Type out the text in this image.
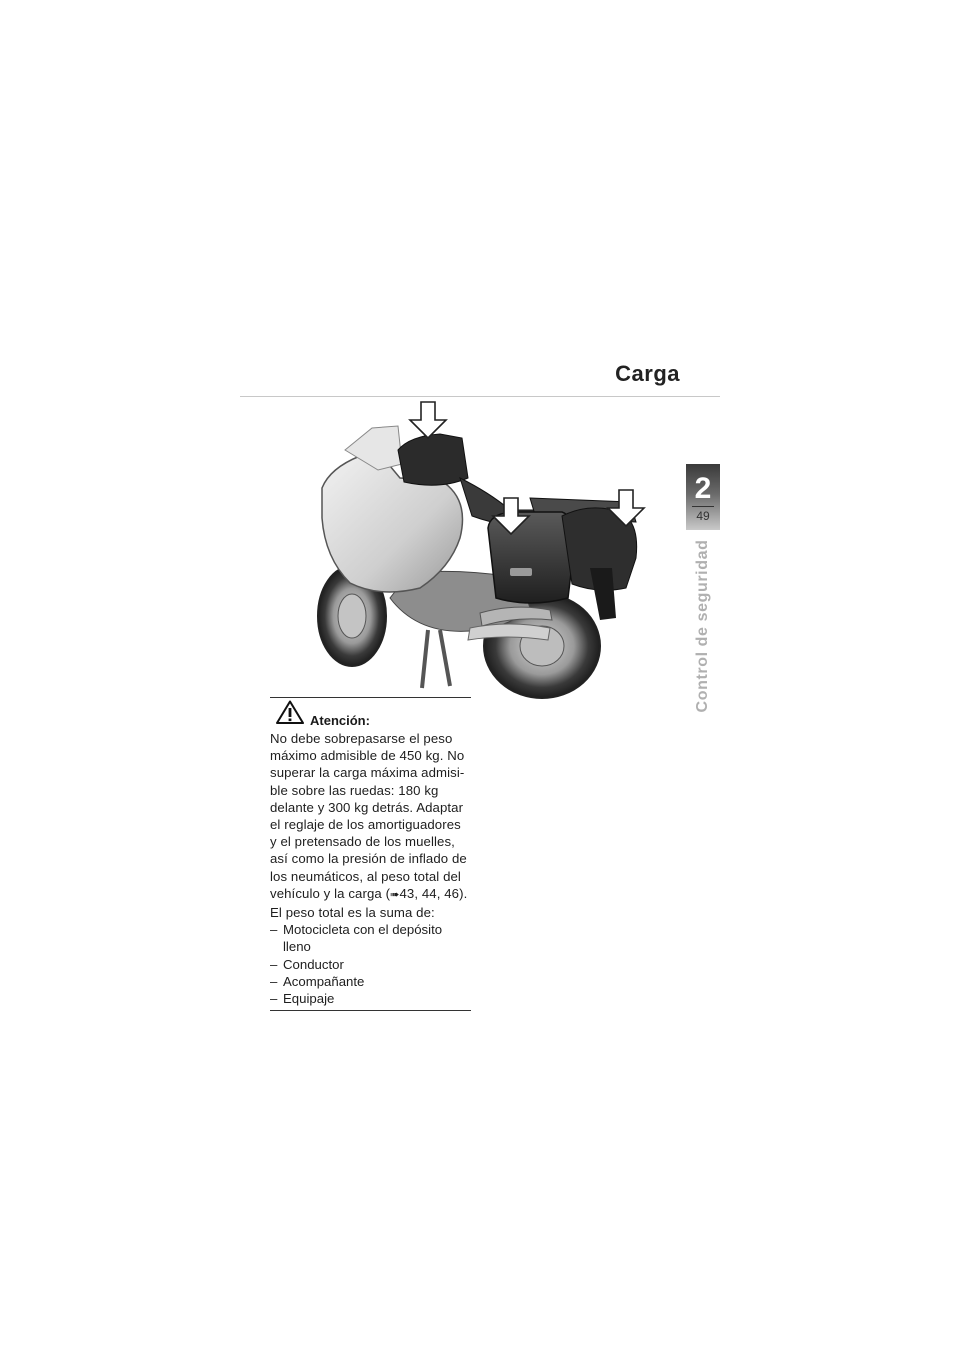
Carga
2
49
Control de seguridad
Atención:

No debe sobrepasarse el peso máximo admisible de 450 kg. No superar la carga máxima admisi-ble sobre las ruedas: 180 kg delante y 300 kg detrás. Adaptar el reglaje de los amortiguadores y el pretensado de los muelles, así como la presión de inflado de los neumáticos, al peso total del vehículo y la carga (➠43, 44, 46).

El peso total es la suma de:

– Motocicleta con el depósito lleno
– Conductor
– Acompañante
– Equipaje
